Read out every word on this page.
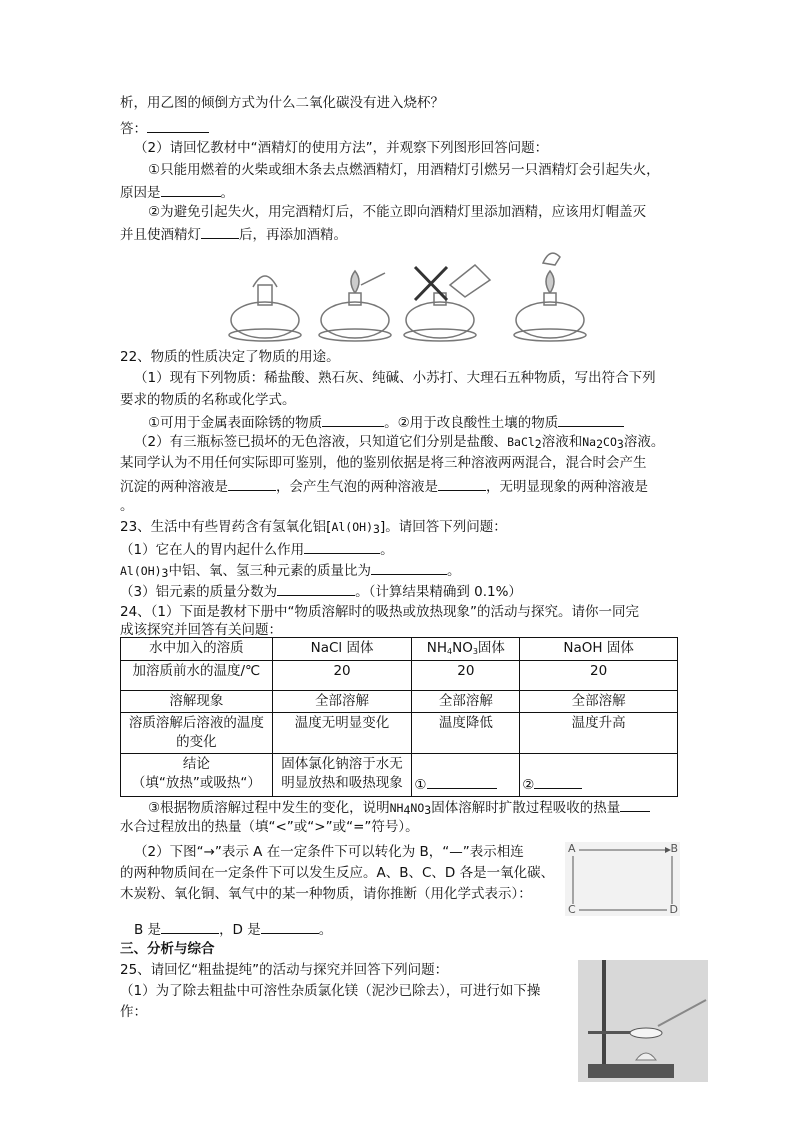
析，用乙图的倾倒方式为什么二氧化碳没有进入烧杯？
答：
（2）请回忆教材中“酒精灯的使用方法”，并观察下列图形回答问题：
①只能用燃着的火柴或细木条去点燃酒精灯，用酒精灯引燃另一只酒精灯会引起失火，
原因是	。
②为避免引起失火，用完酒精灯后，不能立即向酒精灯里添加酒精，应该用灯帽盖灭
并且使酒精灯	后，再添加酒精。
22、物质的性质决定了物质的用途。
（1）现有下列物质：稀盐酸、熟石灰、纯碱、小苏打、大理石五种物质，写出符合下列
要求的物质的名称或化学式。
①可用于金属表面除锈的物质	。②用于改良酸性土壤的物质
（2）有三瓶标签已损坏的无色溶液，只知道它们分别是盐酸、BaCl$_2$溶液和$Na_2CO_3$溶液。
某同学认为不用任何实际即可鉴别，他的鉴别依据是将三种溶液两两混合，混合时会产生
沉淀的两种溶液是	，会产生气泡的两种溶液是	，无明显现象的两种溶液是
。
23、生活中有些胃药含有氢氧化铝$[Al(OH)_3]$。请回答下列问题：
（1）它在人的胃内起什么作用	。
$Al(OH)_3$中铝、氧、氢三种元素的质量比为	。
（3）铝元素的质量分数为	。（计算结果精确到 0.1%）
24、（1）下面是教材下册中“物质溶解时的吸热或放热现象”的活动与探究。请你一同完
成该探究并回答有关问题：
水中加入的溶质	NaCl 固体	$NH_4NO_3$固体	NaOH 固体
加溶质前水的温度/℃	20	20	20
溶解现象	全部溶解	全部溶解	全部溶解
溶质溶解后溶液的温度的变化	温度无明显变化	温度降低	温度升高

结论
（填“放热”或吸热“）	固体氯化钠溶于水无明显放热和吸热现象	①	②
③根据物质溶解过程中发生的变化，说明$NH_4NO_3$固体溶解时扩散过程吸收的热量
水合过程放出的热量（填“<”或“>”或“=”符号）。
（2）下图“→”表示 A 在一定条件下可以转化为 B，“—”表示相连
的两种物质间在一定条件下可以发生反应。A、B、C、D 各是一氧化碳、
木炭粉、氧化铜、氧气中的某一种物质，请你推断（用化学式表示）：
A	B
C	D
B 是	，D 是	。
三、分析与综合
25、请回忆“粗盐提纯”的活动与探究并回答下列问题：
（1）为了除去粗盐中可溶性杂质氯化镁（泥沙已除去），可进行如下操
作：
